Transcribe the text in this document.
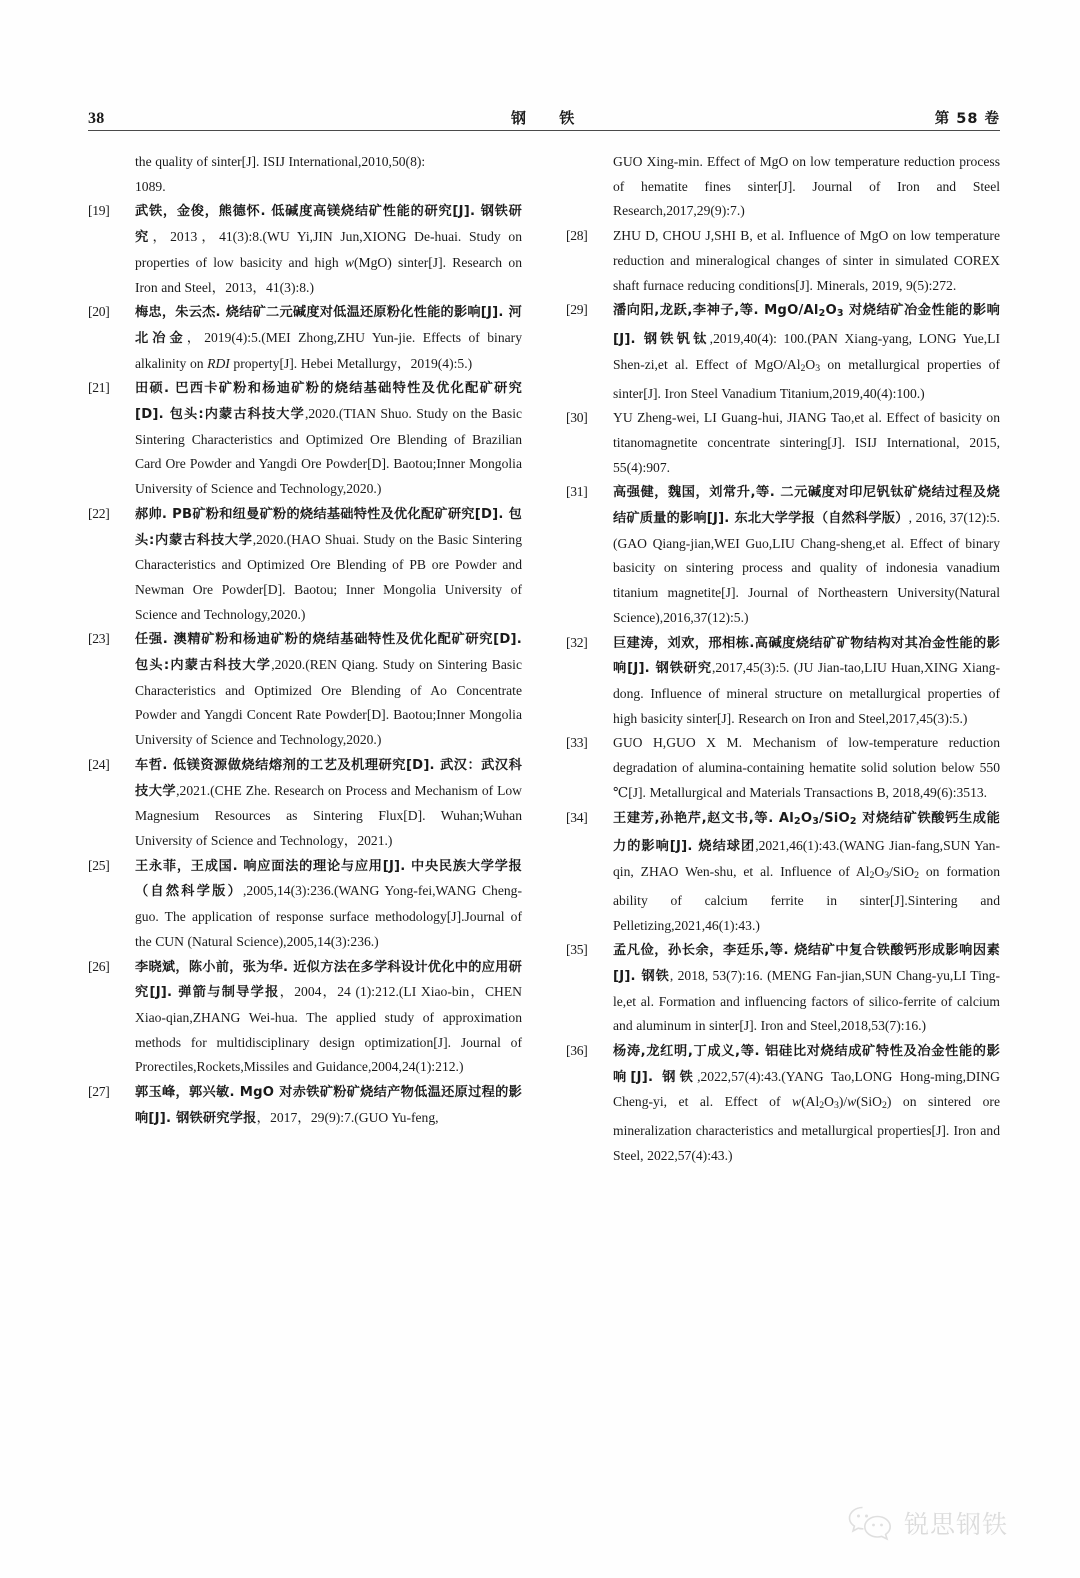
38	钢 铁	第 58 卷
the quality of sinter[J]. ISIJ International,2010,50(8):
1089.
[19]	武铁，金俊，熊德怀. 低碱度高镁烧结矿性能的研究[J]. 钢铁研究，2013，41(3):8.(WU Yi,JIN Jun,XIONG De-huai. Study on properties of low basicity and high w(MgO) sinter[J]. Research on Iron and Steel，2013，41(3):8.)
[20]	梅忠，朱云杰. 烧结矿二元碱度对低温还原粉化性能的影响[J]. 河北冶金，2019(4):5.(MEI Zhong,ZHU Yun-jie. Effects of binary alkalinity on RDI property[J]. Hebei Metallurgy，2019(4):5.)
[21]	田硕. 巴西卡矿粉和杨迪矿粉的烧结基础特性及优化配矿研究[D]. 包头:内蒙古科技大学,2020.(TIAN Shuo. Study on the Basic Sintering Characteristics and Optimized Ore Blending of Brazilian Card Ore Powder and Yangdi Ore Powder[D]. Baotou;Inner Mongolia University of Science and Technology,2020.)
[22]	郝帅. PB矿粉和纽曼矿粉的烧结基础特性及优化配矿研究[D]. 包头:内蒙古科技大学,2020.(HAO Shuai. Study on the Basic Sintering Characteristics and Optimized Ore Blending of PB ore Powder and Newman Ore Powder[D]. Baotou; Inner Mongolia University of Science and Technology,2020.)
[23]	任强. 澳精矿粉和杨迪矿粉的烧结基础特性及优化配矿研究[D]. 包头:内蒙古科技大学,2020.(REN Qiang. Study on Sintering Basic Characteristics and Optimized Ore Blending of Ao Concentrate Powder and Yangdi Concent Rate Powder[D]. Baotou;Inner Mongolia University of Science and Technology,2020.)
[24]	车哲. 低镁资源做烧结熔剂的工艺及机理研究[D]. 武汉：武汉科技大学,2021.(CHE Zhe. Research on Process and Mechanism of Low Magnesium Resources as Sintering Flux[D]. Wuhan;Wuhan University of Science and Technology，2021.)
[25]	王永菲，王成国. 响应面法的理论与应用[J]. 中央民族大学学报（自然科学版）,2005,14(3):236.(WANG Yong-fei,WANG Cheng-guo. The application of response surface methodology[J].Journal of the CUN (Natural Science),2005,14(3):236.)
[26]	李晓斌，陈小前，张为华. 近似方法在多学科设计优化中的应用研究[J]. 弹箭与制导学报，2004，24 (1):212.(LI Xiao-bin，CHEN Xiao-qian,ZHANG Wei-hua. The applied study of approximation methods for multidisciplinary design optimization[J]. Journal of Prorectiles,Rockets,Missiles and Guidance,2004,24(1):212.)
[27]	郭玉峰，郭兴敏. MgO 对赤铁矿粉矿烧结产物低温还原过程的影响[J]. 钢铁研究学报，2017，29(9):7.(GUO Yu-feng,
GUO Xing-min. Effect of MgO on low temperature reduction process of hematite fines sinter[J]. Journal of Iron and Steel Research,2017,29(9):7.)
[28]	ZHU D, CHOU J,SHI B, et al. Influence of MgO on low temperature reduction and mineralogical changes of sinter in simulated COREX shaft furnace reducing conditions[J]. Minerals, 2019, 9(5):272.
[29]	潘向阳,龙跃,李神子,等. MgO/$Al_2O_3$ 对烧结矿冶金性能的影响[J]. 钢铁钒钛,2019,40(4): 100.(PAN Xiang-yang, LONG Yue,LI Shen-zi,et al. Effect of MgO/$Al_2O_3$ on metallurgical properties of sinter[J]. Iron Steel Vanadium Titanium,2019,40(4):100.)
[30]	YU Zheng-wei, LI Guang-hui, JIANG Tao,et al. Effect of basicity on titanomagnetite concentrate sintering[J]. ISIJ International, 2015, 55(4):907.
[31]	高强健，魏国，刘常升,等. 二元碱度对印尼钒钛矿烧结过程及烧结矿质量的影响[J]. 东北大学学报（自然科学版）, 2016, 37(12):5.(GAO Qiang-jian,WEI Guo,LIU Chang-sheng,et al. Effect of binary basicity on sintering process and quality of indonesia vanadium titanium magnetite[J]. Journal of Northeastern University(Natural Science),2016,37(12):5.)
[32]	巨建涛，刘欢，邢相栋.高碱度烧结矿矿物结构对其冶金性能的影响[J]. 钢铁研究,2017,45(3):5. (JU Jian-tao,LIU Huan,XING Xiang-dong. Influence of mineral structure on metallurgical properties of high basicity sinter[J]. Research on Iron and Steel,2017,45(3):5.)
[33]	GUO H,GUO X M. Mechanism of low-temperature reduction degradation of alumina-containing hematite solid solution below 550 ℃[J]. Metallurgical and Materials Transactions B, 2018,49(6):3513.
[34]	王建芳,孙艳芹,赵文书,等. $Al_2O_3/SiO_2$ 对烧结矿铁酸钙生成能力的影响[J]. 烧结球团,2021,46(1):43.(WANG Jian-fang,SUN Yan-qin, ZHAO Wen-shu, et al. Influence of $Al_2O_3/SiO_2$ on formation ability of calcium ferrite in sinter[J].Sintering and Pelletizing,2021,46(1):43.)
[35]	孟凡俭，孙长余，李廷乐,等. 烧结矿中复合铁酸钙形成影响因素[J]. 钢铁, 2018, 53(7):16. (MENG Fan-jian,SUN Chang-yu,LI Ting-le,et al. Formation and influencing factors of silico-ferrite of calcium and aluminum in sinter[J]. Iron and Steel,2018,53(7):16.)
[36]	杨涛,龙红明,丁成义,等. 铝硅比对烧结成矿特性及冶金性能的影响[J]. 钢铁,2022,57(4):43.(YANG Tao,LONG Hong-ming,DING Cheng-yi, et al. Effect of $w(Al_2O_3)/w(SiO_2)$ on sintered ore mineralization characteristics and metallurgical properties[J]. Iron and Steel, 2022,57(4):43.)
锐思钢铁
